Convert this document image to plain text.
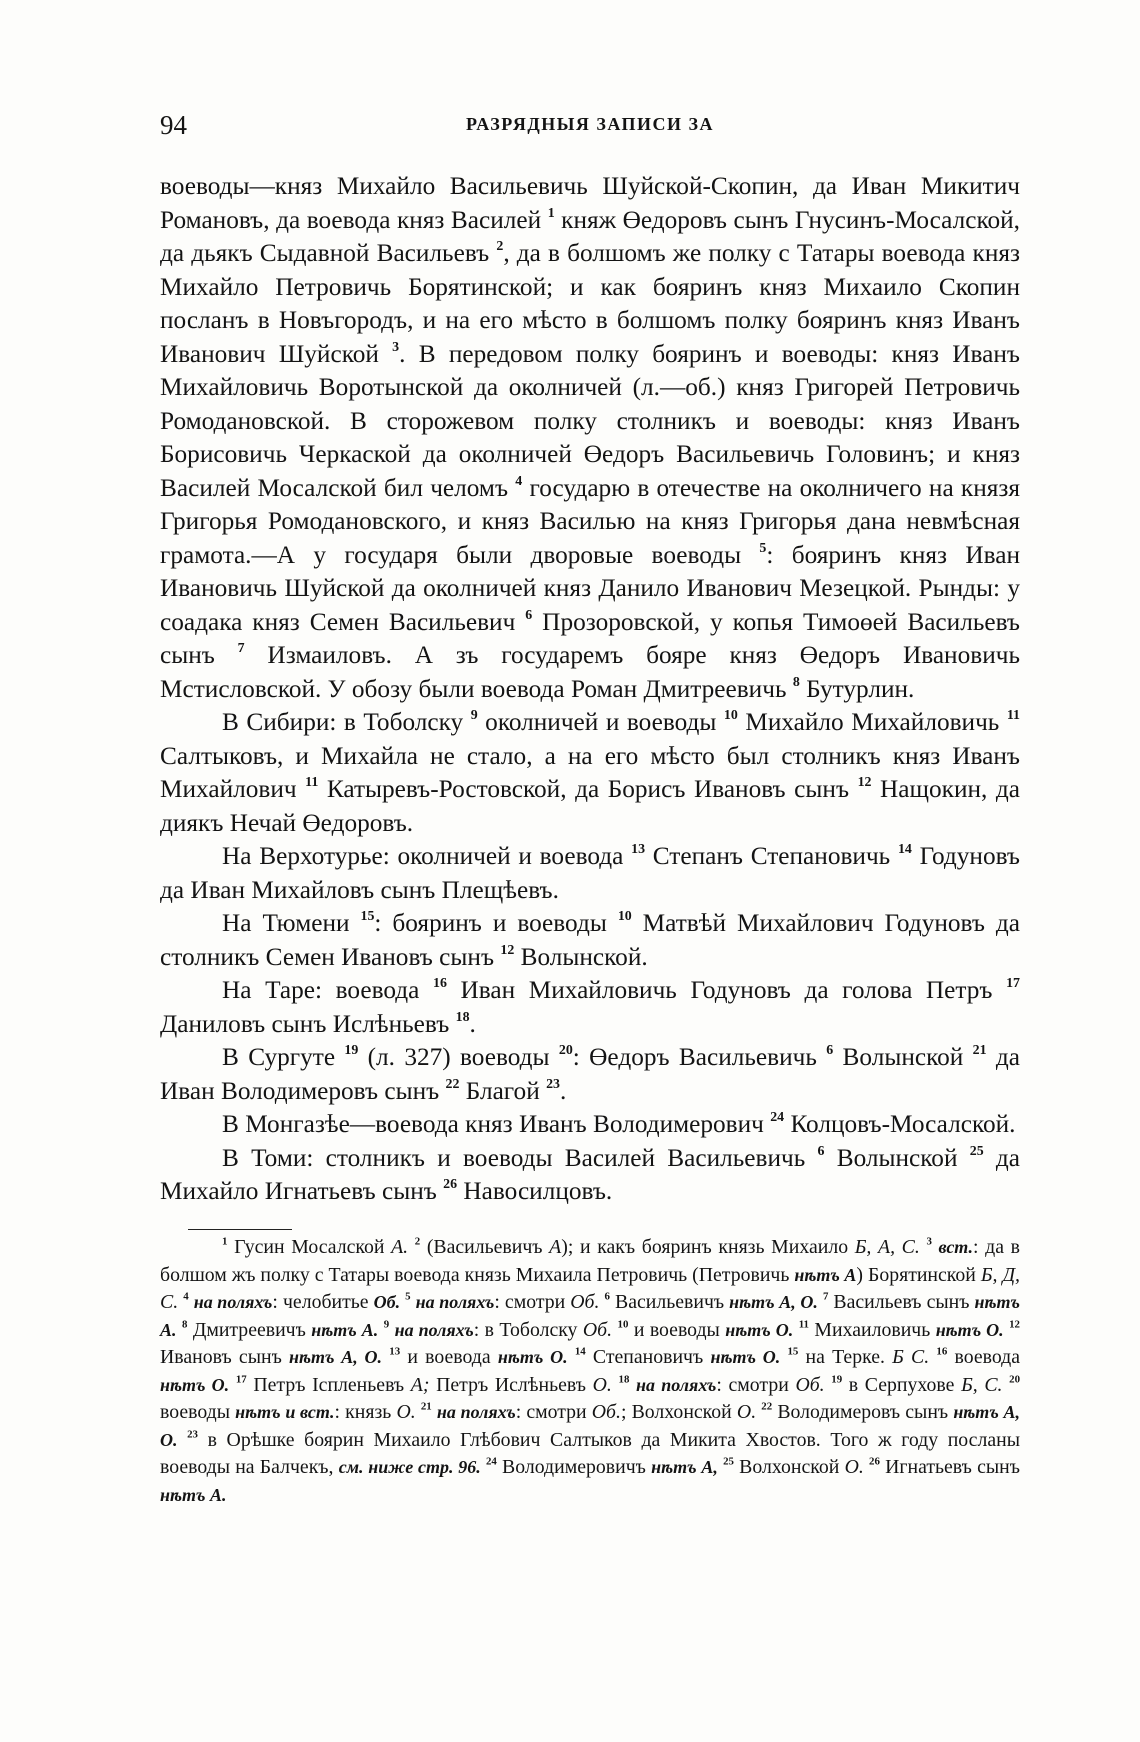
94	РАЗРЯДНЫЯ ЗАПИСИ ЗА

воеводы—княз Михайло Васильевичь Шуйской-Скопин, да Иван Микитич Романовъ, да воевода княз Василей $^1$ княж Өедоровъ сынъ Гнусинъ-Мосалской, да дьякъ Сыдавной Васильевъ $^2$, да в болшомъ же полку с Татары воевода княз Михайло Петровичь Борятинской; и как бояринъ княз Михаило Скопин посланъ в Новъгородъ, и на его мѣсто в болшомъ полку бояринъ княз Иванъ Иванович Шуйской $^3$. В передовом полку бояринъ и воеводы: княз Иванъ Михайловичь Воротынской да околничей (л.—об.) княз Григорей Петровичь Ромодановской. В сторожевом полку столникъ и воеводы: княз Иванъ Борисовичь Черкаской да околничей Өедоръ Васильевичь Головинъ; и княз Василей Мосалской бил челомъ $^4$ государю в отечестве на околничего на князя Григорья Ромодановского, и княз Василью на княз Григорья дана невмѣсная грамота.—А у государя были дворовые воеводы $^5$: бояринъ княз Иван Ивановичь Шуйской да околничей княз Данило Иванович Мезецкой. Рынды: у соадака княз Семен Васильевич $^6$ Прозоровской, у копья Тимоөей Васильевъ сынъ $^7$ Измаиловъ. А зъ государемъ бояре княз Өедоръ Ивановичь Мстисловской. У обозу были воевода Роман Дмитреевичь $^8$ Бутурлин.

В Сибири: в Тоболску $^9$ околничей и воеводы $^{10}$ Михайло Михайловичь $^{11}$ Салтыковъ, и Михайла не стало, а на его мѣсто был столникъ княз Иванъ Михайлович $^{11}$ Катыревъ-Ростовской, да Борисъ Ивановъ сынъ $^{12}$ Нащокин, да диякъ Нечай Өедоровъ.

На Верхотурье: околничей и воевода $^{13}$ Степанъ Степановичь $^{14}$ Годуновъ да Иван Михайловъ сынъ Плещѣевъ.

На Тюмени $^{15}$: бояринъ и воеводы $^{10}$ Матвѣй Михайлович Годуновъ да столникъ Семен Ивановъ сынъ $^{12}$ Волынской.

На Таре: воевода $^{16}$ Иван Михайловичь Годуновъ да голова Петръ $^{17}$ Даниловъ сынъ Ислѣньевъ $^{18}$.

В Сургуте $^{19}$ (л. 327) воеводы $^{20}$: Өедоръ Васильевичь $^6$ Волынской $^{21}$ да Иван Володимеровъ сынъ $^{22}$ Благой $^{23}$.

В Монгазѣе—воевода княз Иванъ Володимерович $^{24}$ Колцовъ-Мосалской.

В Томи: столникъ и воеводы Василей Васильевичь $^6$ Волынской $^{25}$ да Михайло Игнатьевъ сынъ $^{26}$ Навосилцовъ.

$^1$ Гусин Мосалской А. $^2$ (Васильевичъ А); и какъ бояринъ князь Михаило Б, А, С. $^3$ вст.: да в болшом жъ полку с Татары воевода князь Михаила Петровичь (Петровичь нѣтъ А) Борятинской Б, Д, С. $^4$ на поляхъ: челобитье Об. $^5$ на поляхъ: смотри Об. $^6$ Васильевичъ нѣтъ А, О. $^7$ Васильевъ сынъ нѣтъ А. $^8$ Дмитреевичъ нѣтъ А. $^9$ на поляхъ: в Тоболску Об. $^{10}$ и воеводы нѣтъ О. $^{11}$ Михаиловичь нѣтъ О. $^{12}$ Ивановъ сынъ нѣтъ А, О. $^{13}$ и воевода нѣтъ О. $^{14}$ Степановичъ нѣтъ О. $^{15}$ на Терке. Б С. $^{16}$ воевода нѣтъ О. $^{17}$ Петръ Іспленьевъ А; Петръ Ислѣньевъ О. $^{18}$ на поляхъ: смотри Об. $^{19}$ в Серпухове Б, С. $^{20}$ воеводы нѣтъ и вст.: князь О. $^{21}$ на поляхъ: смотри Об.; Волхонской О. $^{22}$ Володимеровъ сынъ нѣтъ А, О. $^{23}$ в Орѣшке боярин Михаило Глѣбович Салтыков да Микита Хвостов. Того ж году посланы воеводы на Балчекъ, см. ниже стр. 96. $^{24}$ Володимеровичъ нѣтъ А, $^{25}$ Волхонской О. $^{26}$ Игнатьевъ сынъ нѣтъ А.
